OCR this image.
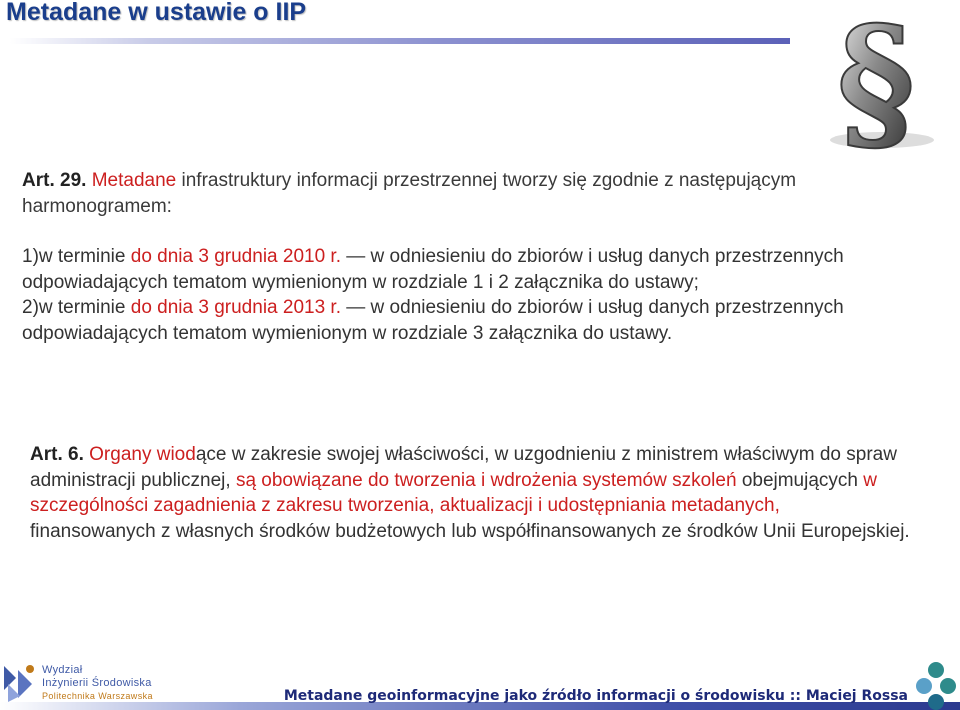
Metadane w ustawie o IIP	§
Art. 29. Metadane infrastruktury informacji przestrzennej tworzy się zgodnie z następującym harmonogramem:
1)w terminie do dnia 3 grudnia 2010 r. — w odniesieniu do zbiorów i usług danych przestrzennych odpowiadających tematom wymienionym w rozdziale 1 i 2 załącznika do ustawy;
2)w terminie do dnia 3 grudnia 2013 r. — w odniesieniu do zbiorów i usług danych przestrzennych odpowiadających tematom wymienionym w rozdziale 3 załącznika do ustawy.
Art. 6. Organy wiodące w zakresie swojej właściwości, w uzgodnieniu z ministrem właściwym do spraw administracji publicznej, są obowiązane do tworzenia i wdrożenia systemów szkoleń obejmujących w szczególności zagadnienia z zakresu tworzenia, aktualizacji i udostępniania metadanych, finansowanych z własnych środków budżetowych lub współfinansowanych ze środków Unii Europejskiej.
Wydział
Inżynierii Środowiska
Politechnika Warszawska	Metadane geoinformacyjne jako źródło informacji o środowisku :: Maciej Rossa
